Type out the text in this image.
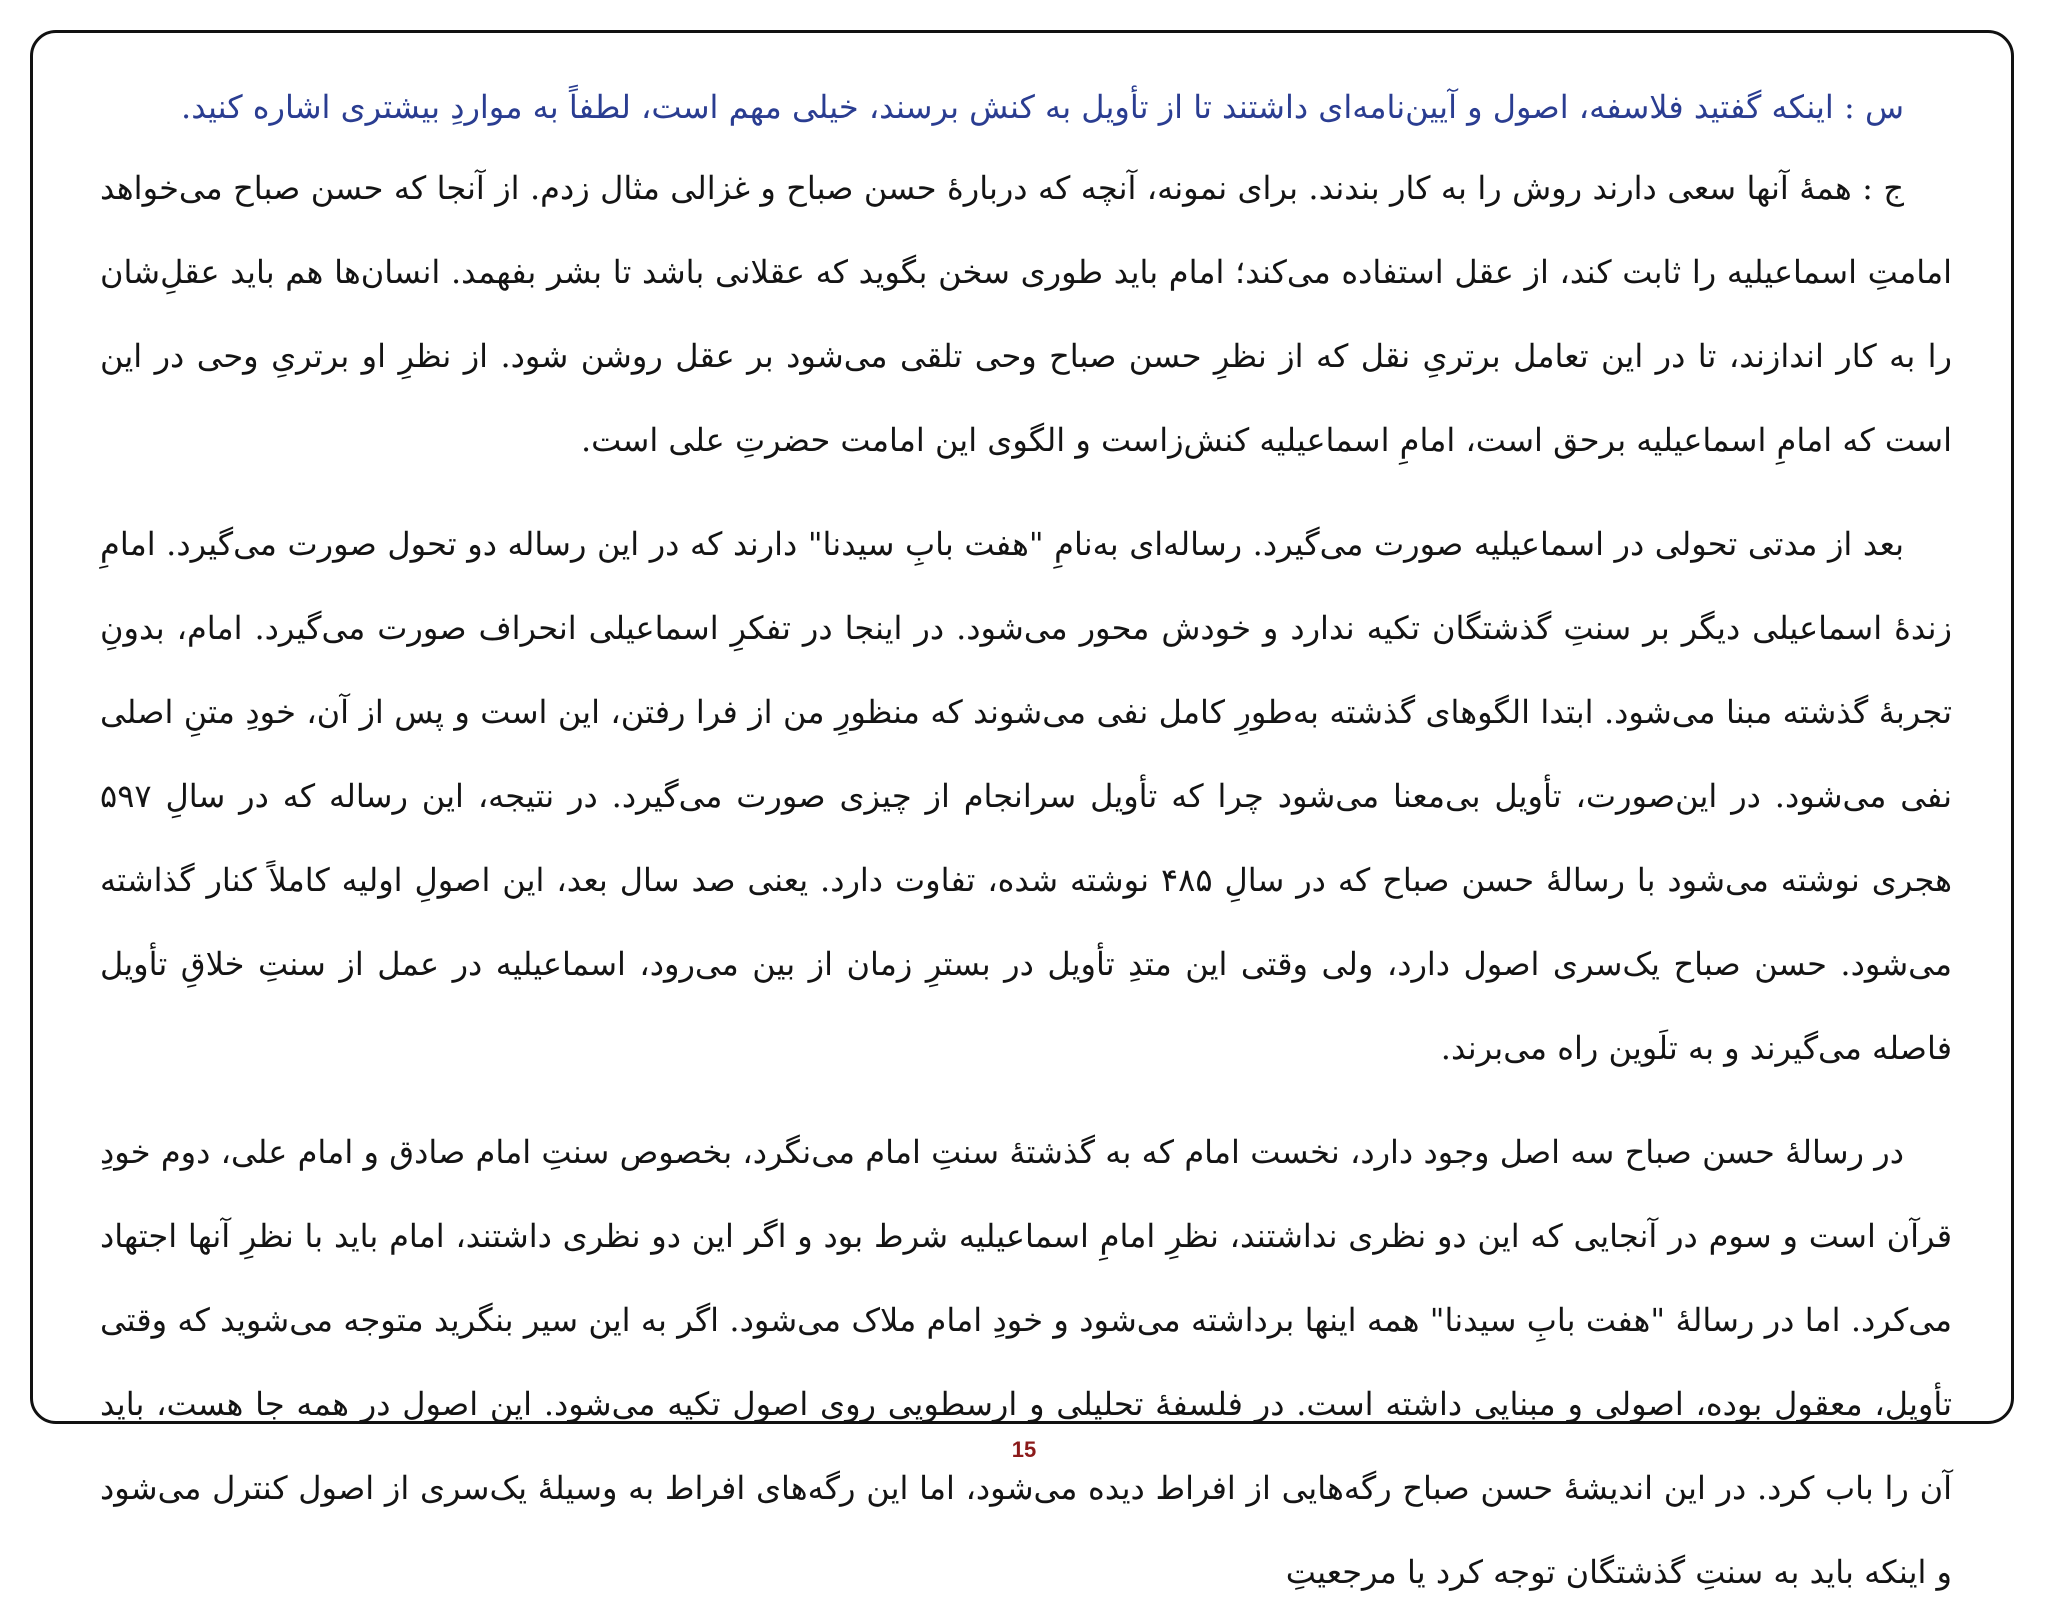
س : اینکه گفتید فلاسفه، اصول و آیین‌نامه‌ای داشتند تا از تأویل به کنش برسند، خیلی مهم است، لطفاً به مواردِ بیشتری اشاره کنید.

ج : همهٔ آنها سعی دارند روش را به کار بندند. برای نمونه، آنچه که دربارهٔ حسن صباح و غزالی مثال زدم. از آنجا که حسن صباح می‌خواهد امامتِ اسماعیلیه را ثابت کند، از عقل استفاده می‌کند؛ امام باید طوری سخن بگوید که عقلانی باشد تا بشر بفهمد. انسان‌ها هم باید عقلِ‌شان را به کار اندازند، تا در این تعامل برتریِ نقل که از نظرِ حسن صباح وحی تلقی می‌شود بر عقل روشن شود. از نظرِ او برتریِ وحی در این است که امامِ اسماعیلیه برحق است، امامِ اسماعیلیه کنش‌زاست و الگوی این امامت حضرتِ علی است.

بعد از مدتی تحولی در اسماعیلیه صورت می‌گیرد. رساله‌ای به‌نامِ "هفت بابِ سیدنا" دارند که در این رساله دو تحول صورت می‌گیرد. امامِ زندهٔ اسماعیلی دیگر بر سنتِ گذشتگان تکیه ندارد و خودش محور می‌شود. در اینجا در تفکرِ اسماعیلی انحراف صورت می‌گیرد. امام، بدونِ تجربهٔ گذشته مبنا می‌شود. ابتدا الگوهای گذشته به‌طورِ کامل نفی می‌شوند که منظورِ من از فرا رفتن، این است و پس از آن، خودِ متنِ اصلی نفی می‌شود. در این‌صورت، تأویل بی‌معنا می‌شود چرا که تأویل سرانجام از چیزی صورت می‌گیرد. در نتیجه، این رساله که در سالِ ۵۹۷ هجری نوشته می‌شود با رسالهٔ حسن صباح که در سالِ ۴۸۵ نوشته شده، تفاوت دارد. یعنی صد سال بعد، این اصولِ اولیه کاملاً کنار گذاشته می‌شود. حسن صباح یک‌سری اصول دارد، ولی وقتی این متدِ تأویل در بسترِ زمان از بین می‌رود، اسماعیلیه در عمل از سنتِ خلاقِ تأویل فاصله می‌گیرند و به تلَوین راه می‌برند.

در رسالهٔ حسن صباح سه اصل وجود دارد، نخست امام که به گذشتهٔ سنتِ امام می‌نگرد، بخصوص سنتِ امام صادق و امام علی، دوم خودِ قرآن است و سوم در آنجایی که این دو نظری نداشتند، نظرِ امامِ اسماعیلیه شرط بود و اگر این دو نظری داشتند، امام باید با نظرِ آنها اجتهاد می‌کرد. اما در رسالهٔ "هفت بابِ سیدنا" همه اینها برداشته می‌شود و خودِ امام ملاک می‌شود. اگر به این سیر بنگرید متوجه می‌شوید که وقتی تأویل، معقول بوده، اصولی و مبنایی داشته است. در فلسفهٔ تحلیلی و ارسطویی روی اصول تکیه می‌شود. این اصول در همه جا هست، باید آن را باب کرد. در این اندیشهٔ حسن صباح رگه‌هایی از افراط دیده می‌شود، اما این رگه‌های افراط به وسیلهٔ یک‌سری از اصول کنترل می‌شود و اینکه باید به سنتِ گذشتگان توجه کرد یا مرجعیتِ

15
